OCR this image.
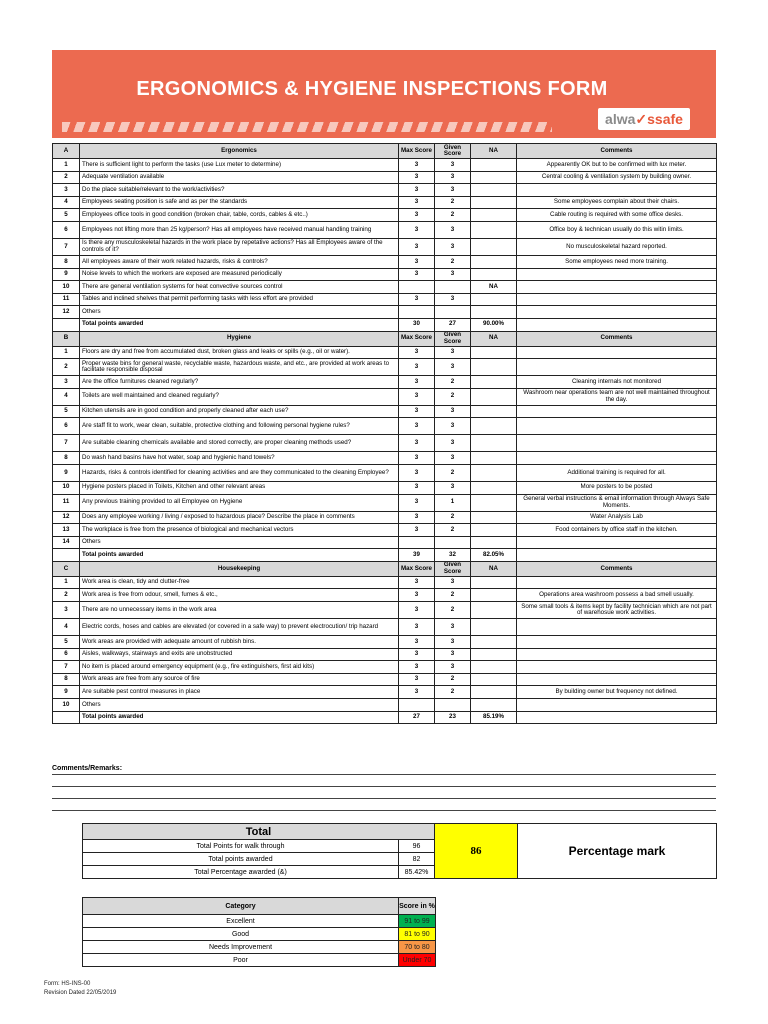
ERGONOMICS & HYGIENE INSPECTIONS FORM
alwa ✓ ssafe
A	Ergonomics	Max Score	Given Score	NA	Comments
1	There is sufficient light to perform the tasks (use Lux meter to determine)	3	3		Appearently OK but to be confirmed with lux meter.
2	Adequate ventilation available	3	3		Central cooling & ventilation system by building owner.
3	Do the place suitable/relevant to the work/activities?	3	3		
4	Employees seating position is safe and as per the standards	3	2		Some employees complain about their chairs.
5	Employees office tools in good condition (broken chair, table, cords, cables & etc..)	3	2		Cable routing is required with some office desks.
6	Employees not lifting more than 25 kg/person? Has all employees have received manual handling training	3	3		Office boy & technican usually do this witin limits.
7	Is there any musculoskeletal hazards in the work place by repetative actions? Has all Employees aware of the controls of it?	3	3		No musculoskeletal hazard reported.
8	All employees aware of their work related hazards, risks & controls?	3	2		Some employees need more training.
9	Noise levels to which the workers are exposed are measured periodically	3	3		
10	There are general ventilation systems for heat convective sources control			NA	
11	Tables and inclined shelves that permit performing tasks with less effort are provided	3	3		
12	Others				
	Total points awarded	30	27	90.00%	
B	Hygiene	Max Score	Given Score	NA	Comments
1	Floors are dry and free from accumulated dust, broken glass and leaks or spills (e.g., oil or water).	3	3		
2	Proper waste bins for general waste, recyclable waste, hazardous waste, and etc., are provided at work areas to facilitate responsible disposal	3	3		
3	Are the office furnitures cleaned regularly?	3	2		Cleaning internals not monitored
4	Toilets are well maintained and cleaned regularly?	3	2		Washroom near operations team are not well maintained throughout the day.
5	Kitchen utensils are in good condition and properly cleaned after each use?	3	3		
6	Are staff fit to work, wear clean, suitable, protective clothing and following personal hygiene rules?	3	3		
7	Are suitable cleaning chemicals available and stored correctly, are proper cleaning methods used?	3	3		
8	Do wash hand basins have hot water, soap and hygienic hand towels?	3	3		
9	Hazards, risks & controls identified for cleaning activities and are they communicated to the cleaning Employee?	3	2		Additional training is required for all.
10	Hygiene posters placed in Toilets, Kitchen and other relevant areas	3	3		More posters to be posted
11	Any previous training provided to all Employee on Hygiene	3	1		General verbal instructions & email information through Always Safe Moments.
12	Does any employee working / living / exposed to hazardous place? Describe the place in comments	3	2		Water Analysis Lab
13	The workplace is free from the presence of biological and mechanical vectors	3	2		Food containers by office staff in the kitchen.
14	Others				
	Total points awarded	39	32	82.05%	
C	Housekeeping	Max Score	Given Score	NA	Comments
1	Work area is clean, tidy and clutter-free	3	3		
2	Work area is free from odour, smell, fumes & etc.,	3	2		Operations area washroom possess a bad smell usually.
3	There are no unnecessary items in the work area	3	2		Some small tools & items kept by facility technician which are not part of warehosue work activities.
4	Electric cords, hoses and cables are elevated (or covered in a safe way) to prevent electrocution/ trip hazard	3	3		
5	Work areas are provided with adequate amount of rubbish bins.	3	3		
6	Aisles, walkways, stairways and exits are unobstructed	3	3		
7	No item is placed around emergency equipment (e.g., fire extinguishers, first aid kits)	3	3		
8	Work areas are free from any source of fire	3	2		
9	Are suitable pest control measures in place	3	2		By building owner but frequency not defined.
10	Others				
	Total points awarded	27	23	85.19%	
Comments/Remarks:
Total		86	Percentage mark
Total Points for walk through	96		
Total points awarded	82		
Total Percentage awarded (&)	85.42%		
Category	Score in %
Excellent	91 to 99
Good	81 to 90
Needs Improvement	70 to 80
Poor	Under 70
Form: HS-INS-00
Revision Dated 22/05/2019
